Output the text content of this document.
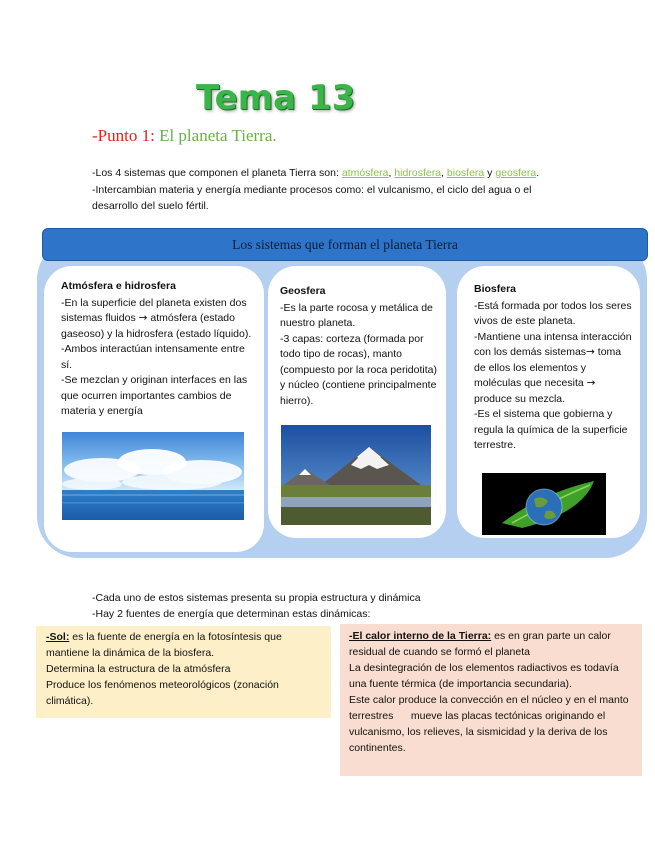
Tema 13
-Punto 1: El planeta Tierra.
-Los 4 sistemas que componen el planeta Tierra son: atmósfera, hidrosfera, biosfera y geosfera.
-Intercambian materia y energía mediante procesos como: el vulcanismo, el ciclo del agua o el desarrollo del suelo fértil.
Los sistemas que forman el planeta Tierra
Atmósfera e hidrosfera

-En la superficie del planeta existen dos sistemas fluidos → atmósfera (estado gaseoso) y la hidrosfera (estado líquido).

-Ambos interactúan intensamente entre sí.

-Se mezclan y originan interfaces en las que ocurren importantes cambios de materia y energía

Geosfera

-Es la parte rocosa y metálica de nuestro planeta.

-3 capas: corteza (formada por todo tipo de rocas), manto (compuesto por la roca peridotita) y núcleo (contiene principalmente hierro).

Biosfera

-Está formada por todos los seres vivos de este planeta.

-Mantiene una intensa interacción con los demás sistemas→ toma de ellos los elementos y moléculas que necesita → produce su mezcla.

-Es el sistema que gobierna y regula la química de la superficie terrestre.

-Cada uno de estos sistemas presenta su propia estructura y dinámica
-Hay 2 fuentes de energía que determinan estas dinámicas:

-Sol: es la fuente de energía en la fotosíntesis que mantiene la dinámica de la biosfera.

Determina la estructura de la atmósfera

Produce los fenómenos meteorológicos (zonación climática).

-El calor interno de la Tierra: es en gran parte un calor residual de cuando se formó el planeta

La desintegración de los elementos radiactivos es todavía una fuente térmica (de importancia secundaria).

Este calor produce la convección en el núcleo y en el manto terrestres mueve las placas tectónicas originando el vulcanismo, los relieves, la sismicidad y la deriva de los continentes.
